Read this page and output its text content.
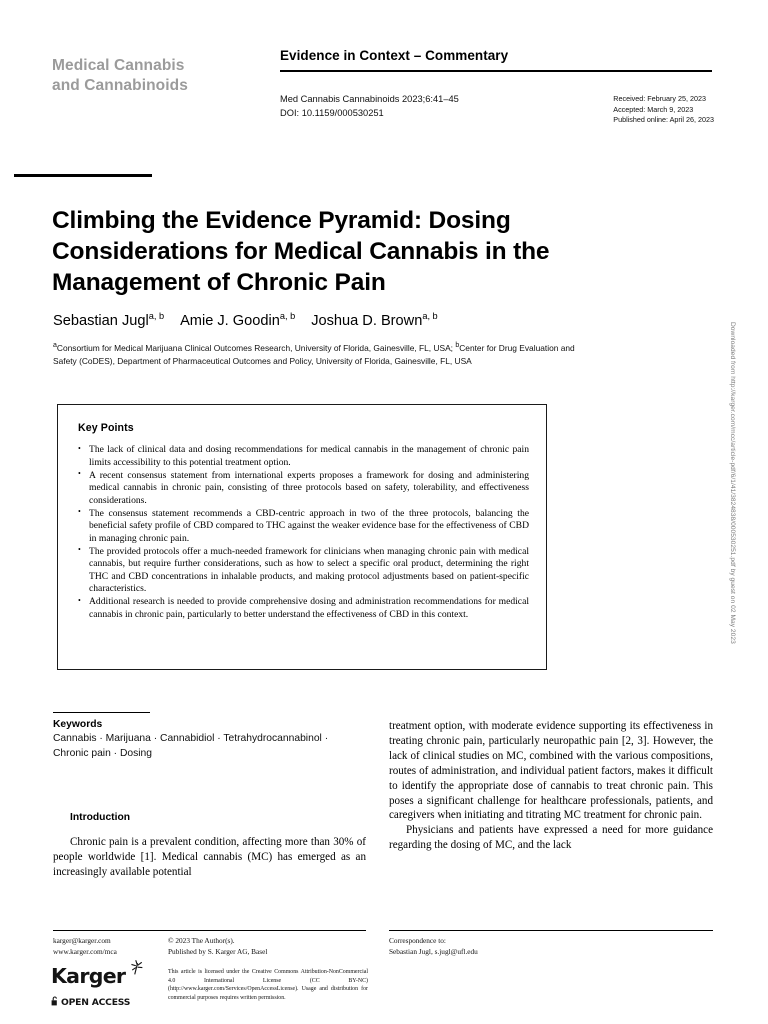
Medical Cannabis
and Cannabinoids
Evidence in Context – Commentary
Med Cannabis Cannabinoids 2023;6:41–45
DOI: 10.1159/000530251
Received: February 25, 2023
Accepted: March 9, 2023
Published online: April 26, 2023
Climbing the Evidence Pyramid: Dosing Considerations for Medical Cannabis in the Management of Chronic Pain
Sebastian Jugl$^{a, b}$ Amie J. Goodin$^{a, b}$ Joshua D. Brown$^{a, b}$
$^a$Consortium for Medical Marijuana Clinical Outcomes Research, University of Florida, Gainesville, FL, USA; $^b$Center for Drug Evaluation and Safety (CoDES), Department of Pharmaceutical Outcomes and Policy, University of Florida, Gainesville, FL, USA
Key Points
• The lack of clinical data and dosing recommendations for medical cannabis in the management of chronic pain limits accessibility to this potential treatment option.
• A recent consensus statement from international experts proposes a framework for dosing and administering medical cannabis in chronic pain, consisting of three protocols based on safety, tolerability, and effectiveness considerations.
• The consensus statement recommends a CBD-centric approach in two of the three protocols, balancing the beneficial safety profile of CBD compared to THC against the weaker evidence base for the effectiveness of CBD in managing chronic pain.
• The provided protocols offer a much-needed framework for clinicians when managing chronic pain with medical cannabis, but require further considerations, such as how to select a specific oral product, determining the right THC and CBD concentrations in inhalable products, and making protocol adjustments based on patient-specific characteristics.
• Additional research is needed to provide comprehensive dosing and administration recommendations for medical cannabis in chronic pain, particularly to better understand the effectiveness of CBD in this context.
Keywords
Cannabis · Marijuana · Cannabidiol · Tetrahydrocannabinol · Chronic pain · Dosing
Introduction

Chronic pain is a prevalent condition, affecting more than 30% of people worldwide [1]. Medical cannabis (MC) has emerged as an increasingly available potential

treatment option, with moderate evidence supporting its effectiveness in treating chronic pain, particularly neuropathic pain [2, 3]. However, the lack of clinical studies on MC, combined with the various compositions, routes of administration, and individual patient factors, makes it difficult to identify the appropriate dose of cannabis to treat chronic pain. This poses a significant challenge for healthcare professionals, patients, and caregivers when initiating and titrating MC treatment for chronic pain.

Physicians and patients have expressed a need for more guidance regarding the dosing of MC, and the lack

karger@karger.com
www.karger.com/mca
© 2023 The Author(s).
Published by S. Karger AG, Basel
This article is licensed under the Creative Commons Attribution-NonCommercial 4.0 International License (CC BY-NC) (http://www.karger.com/Services/OpenAccessLicense). Usage and distribution for commercial purposes requires written permission.
Correspondence to:
Sebastian Jugl, s.jugl@ufl.edu
Karger
OPEN ACCESS
Downloaded from http://karger.com/mcc/article-pdf/6/1/41/3824838/000530251.pdf by guest on 02 May 2023
